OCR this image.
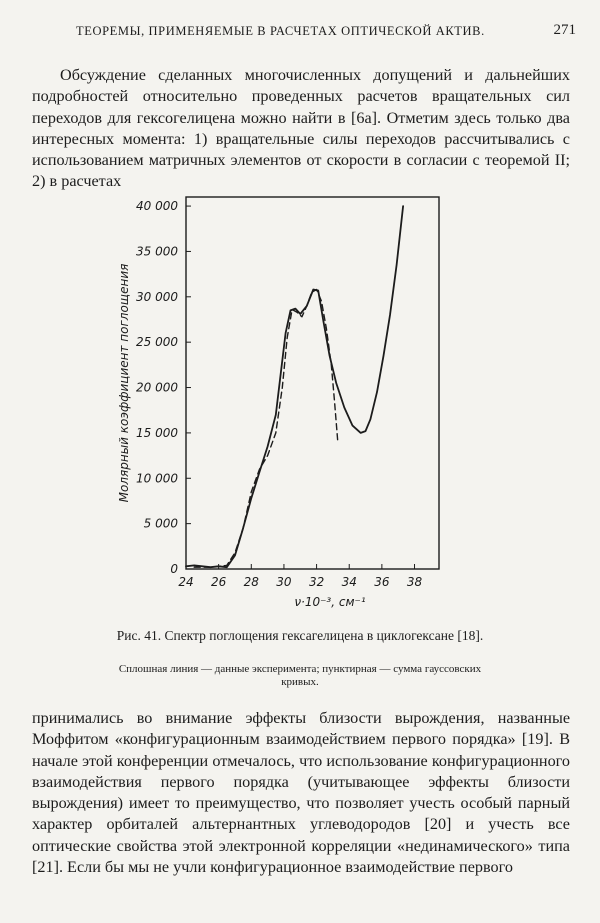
ТЕОРЕМЫ, ПРИМЕНЯЕМЫЕ В РАСЧЕТАХ ОПТИЧЕСКОЙ АКТИВ.	271
Обсуждение сделанных многочисленных допущений и дальнейших подробностей относительно проведенных расчетов вращательных сил переходов для гексогелицена можно найти в [6а]. Отметим здесь только два интересных момента: 1) вращательные силы переходов рассчитывались с использованием матричных элементов от скорости в согласии с теоремой II; 2) в расчетах
0
5 000
10 000
15 000
20 000
25 000
30 000
35 000
40 000
24 26 28 30 32 34 36 38
Молярный коэффициент поглощения
ν·10⁻³, см⁻¹
Рис. 41. Спектр поглощения гексагелицена в циклогексане [18].
Сплошная линия — данные эксперимента; пунктирная — сумма гауссовских кривых.
принимались во внимание эффекты близости вырождения, названные Моффитом «конфигурационным взаимодействием первого порядка» [19]. В начале этой конференции отмечалось, что использование конфигурационного взаимодействия первого порядка (учитывающее эффекты близости вырождения) имеет то преимущество, что позволяет учесть особый парный характер орбиталей альтернантных углеводородов [20] и учесть все оптические свойства этой электронной корреляции «нединамического» типа [21]. Если бы мы не учли конфигурационное взаимодействие первого
